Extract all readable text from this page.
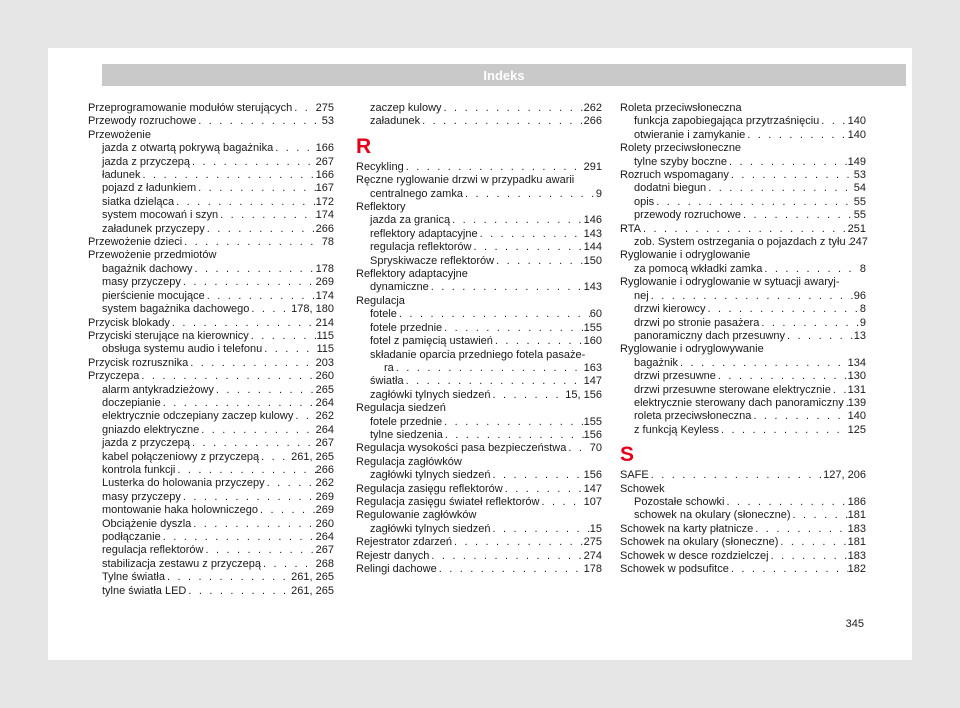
Indeks
Przeprogramowanie modułów sterujących . . . 275
Przewody rozruchowe . . .	53
Przewożenie
jazda z otwartą pokrywą bagażnika . . .	166
jazda z przyczepą . . .	267
ładunek . . .	166
pojazd z ładunkiem . . .	167
siatka dzieląca . . .	172
system mocowań i szyn . . .	174
załadunek przyczepy . . .	266
Przewożenie dzieci . . .	78
Przewożenie przedmiotów
bagażnik dachowy . . .	178
masy przyczepy . . .	269
pierścienie mocujące . . .	174
system bagażnika dachowego . . .	178, 180
Przycisk blokady . . .	214
Przyciski sterujące na kierownicy . . .	115
obsługa systemu audio i telefonu . . .	115
Przycisk rozrusznika . . .	203
Przyczepa . . .	260
alarm antykradzieżowy . . .	265
doczepianie . . .	264
elektrycznie odczepiany zaczep kulowy . . . 262
gniazdo elektryczne . . .	264
jazda z przyczepą . . .	267
kabel połączeniowy z przyczepą . . .	261, 265
kontrola funkcji . . .	266
Lusterka do holowania przyczepy . . .	262
masy przyczepy . . .	269
montowanie haka holowniczego . . .	269
Obciążenie dyszla . . .	260
podłączanie . . .	264
regulacja reflektorów . . .	267
stabilizacja zestawu z przyczepą . . .	268
Tylne światła . . .	261, 265
tylne światła LED . . .	261, 265
zaczep kulowy . . .	262
załadunek . . .	266
R
Recykling . . .	291
Ręczne ryglowanie drzwi w przypadku awarii
centralnego zamka . . .	9
Reflektory
jazda za granicą . . .	146
reflektory adaptacyjne . . .	143
regulacja reflektorów . . .	144
Spryskiwacze reflektorów . . .	150
Reflektory adaptacyjne
dynamiczne . . .	143
Regulacja
fotele . . .	60
fotele przednie . . .	155
fotel z pamięcią ustawień . . .	160
składanie oparcia przedniego fotela pasaże-
ra . . .	163
światła . . .	147
zagłówki tylnych siedzeń . . .	15, 156
Regulacja siedzeń
fotele przednie . . .	155
tylne siedzenia . . .	156
Regulacja wysokości pasa bezpieczeństwa . . . 70
Regulacja zagłówków
zagłówki tylnych siedzeń . . .	156
Regulacja zasięgu reflektorów . . .	147
Regulacja zasięgu świateł reflektorów . . .	107
Regulowanie zagłówków
zagłówki tylnych siedzeń . . .	15
Rejestrator zdarzeń . . .	275
Rejestr danych . . .	274
Relingi dachowe . . .	178
Roleta przeciwsłoneczna
funkcja zapobiegająca przytrzaśnięciu . . .	140
otwieranie i zamykanie . . .	140
Rolety przeciwsłoneczne
tylne szyby boczne . . .	149
Rozruch wspomagany . . .	53
dodatni biegun . . .	54
opis . . .	55
przewody rozruchowe . . .	55
RTA . . .	251
zob. System ostrzegania o pojazdach z tyłu . . . 247
Ryglowanie i odryglowanie
za pomocą wkładki zamka . . .	8
Ryglowanie i odryglowanie w sytuacji awaryj-
nej . . .	96
drzwi kierowcy . . .	8
drzwi po stronie pasażera . . .	9
panoramiczny dach przesuwny . . .	13
Ryglowanie i odryglowywanie
bagażnik . . .	134
drzwi przesuwne . . .	130
drzwi przesuwne sterowane elektrycznie . . . 131
elektrycznie sterowany dach panoramiczny . . . 139
roleta przeciwsłoneczna . . .	140
z funkcją Keyless . . .	125
S
SAFE . . .	127, 206
Schowek
Pozostałe schowki . . .	186
schowek na okulary (słoneczne) . . .	181
Schowek na karty płatnicze . . .	183
Schowek na okulary (słoneczne) . . .	181
Schowek w desce rozdzielczej . . .	183
Schowek w podsufitce . . .	182
345
